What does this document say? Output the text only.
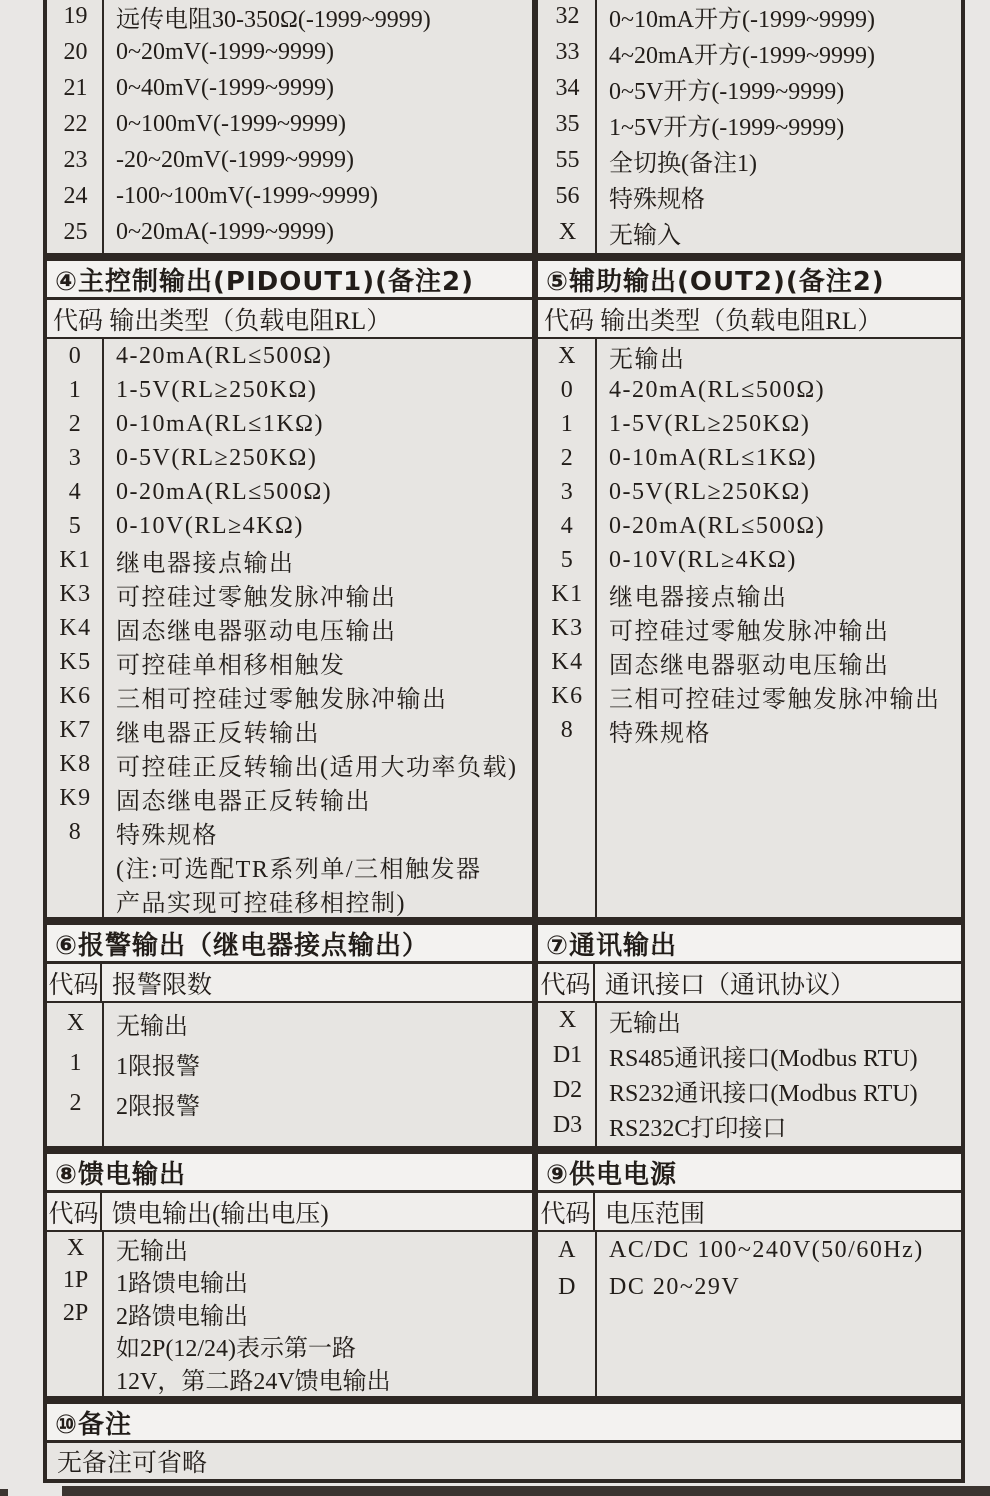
19	远传电阻30-350Ω(-1999~9999)
20	0~20mV(-1999~9999)
21	0~40mV(-1999~9999)
22	0~100mV(-1999~9999)
23	-20~20mV(-1999~9999)
24	-100~100mV(-1999~9999)
25	0~20mA(-1999~9999)
32	0~10mA开方(-1999~9999)
33	4~20mA开方(-1999~9999)
34	0~5V开方(-1999~9999)
35	1~5V开方(-1999~9999)
55	全切换(备注1)
56	特殊规格
X	无输入
④主控制输出(PIDOUT1)(备注2)
代码 输出类型（负载电阻RL）
0	4-20mA(RL≤500Ω)
1	1-5V(RL≥250KΩ)
2	0-10mA(RL≤1KΩ)
3	0-5V(RL≥250KΩ)
4	0-20mA(RL≤500Ω)
5	0-10V(RL≥4KΩ)
K1	继电器接点输出
K3	可控硅过零触发脉冲输出
K4	固态继电器驱动电压输出
K5	可控硅单相移相触发
K6	三相可控硅过零触发脉冲输出
K7	继电器正反转输出
K8	可控硅正反转输出(适用大功率负载)
K9	固态继电器正反转输出
8	特殊规格
(注:可选配TR系列单/三相触发器
产品实现可控硅移相控制)
⑤辅助输出(OUT2)(备注2)
代码 输出类型（负载电阻RL）
X	无输出
0	4-20mA(RL≤500Ω)
1	1-5V(RL≥250KΩ)
2	0-10mA(RL≤1KΩ)
3	0-5V(RL≥250KΩ)
4	0-20mA(RL≤500Ω)
5	0-10V(RL≥4KΩ)
K1	继电器接点输出
K3	可控硅过零触发脉冲输出
K4	固态继电器驱动电压输出
K6	三相可控硅过零触发脉冲输出
8	特殊规格
⑥报警输出（继电器接点输出）
代码 报警限数
X	无输出
1	1限报警
2	2限报警
⑦通讯输出
代码 通讯接口（通讯协议）
X	无输出
D1	RS485通讯接口(Modbus RTU)
D2	RS232通讯接口(Modbus RTU)
D3	RS232C打印接口
⑧馈电输出
代码 馈电输出(输出电压)
X	无输出
1P	1路馈电输出
2P	2路馈电输出
如2P(12/24)表示第一路
12V，第二路24V馈电输出
⑨供电电源
代码 电压范围
A	AC/DC 100~240V(50/60Hz)
D	DC 20~29V
⑩备注
无备注可省略
